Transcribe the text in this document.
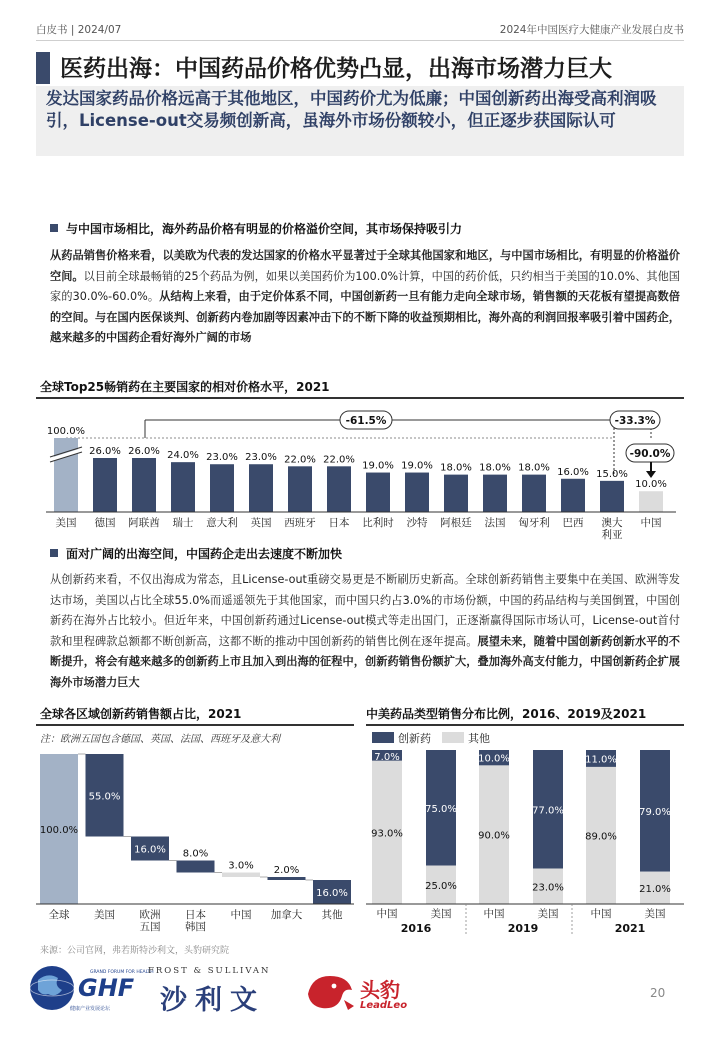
白皮书 | 2024/07	2024年中国医疗大健康产业发展白皮书
医药出海：中国药品价格优势凸显，出海市场潜力巨大
发达国家药品价格远高于其他地区，中国药价尤为低廉；中国创新药出海受高利润吸引，License-out交易频创新高，虽海外市场份额较小，但正逐步获国际认可
与中国市场相比，海外药品价格有明显的价格溢价空间，其市场保持吸引力
从药品销售价格来看，以美欧为代表的发达国家的价格水平显著过于全球其他国家和地区，与中国市场相比，有明显的价格溢价空间。以目前全球最畅销的25个药品为例，如果以美国药价为100.0%计算，中国的药价低，只约相当于美国的10.0%、其他国家的30.0%-60.0%。从结构上来看，由于定价体系不同，中国创新药一旦有能力走向全球市场，销售额的天花板有望提高数倍的空间。与在国内医保谈判、创新药内卷加剧等因素冲击下的不断下降的收益预期相比，海外高的利润回报率吸引着中国药企，越来越多的中国药企看好海外广阔的市场
全球Top25畅销药在主要国家的相对价格水平，2021
-61.5%	-33.3%
-90.0%
100.0%
美国
26.0%
德国
26.0%
阿联酋
24.0%
瑞士
23.0%
意大利
23.0%
英国
22.0%
西班牙
22.0%
日本
19.0%
比利时
19.0%
沙特
18.0%
阿根廷
18.0%
法国
18.0%
匈牙利
16.0%
巴西
15.0%
澳大
利亚
10.0%
中国
面对广阔的出海空间，中国药企走出去速度不断加快
从创新药来看，不仅出海成为常态，且License-out重磅交易更是不断刷历史新高。全球创新药销售主要集中在美国、欧洲等发达市场，美国以占比全球55.0%而遥遥领先于其他国家，而中国只约占3.0%的市场份额，中国的药品结构与美国倒置，中国创新药在海外占比较小。但近年来，中国创新药通过License-out模式等走出国门，正逐渐赢得国际市场认可，License-out首付款和里程碑款总额都不断创新高，这都不断的推动中国创新药的销售比例在逐年提高。展望未来，随着中国创新药创新水平的不断提升，将会有越来越多的创新药上市且加入到出海的征程中，创新药销售份额扩大，叠加海外高支付能力，中国创新药企扩展海外市场潜力巨大
全球各区域创新药销售额占比，2021
注：欧洲五国包含德国、英国、法国、西班牙及意大利
100.0%
全球
55.0%
美国
16.0%
欧洲
五国
8.0%
日本
韩国
3.0%
中国
2.0%
加拿大
16.0%
其他
中美药品类型销售分布比例，2016、2019及2021
创新药	其他
7.0%
93.0%
中国
75.0%
25.0%
美国
10.0%
90.0%
中国
77.0%
23.0%
美国
11.0%
89.0%
中国
79.0%
21.0%
美国
2016	2019	2021
来源：公司官网，弗若斯特沙利文，头豹研究院
GHF
GRAND FORUM FOR HEALTH
健康产业发展论坛
FROST & SULLIVAN
沙利文	头豹
LeadLeo
20
